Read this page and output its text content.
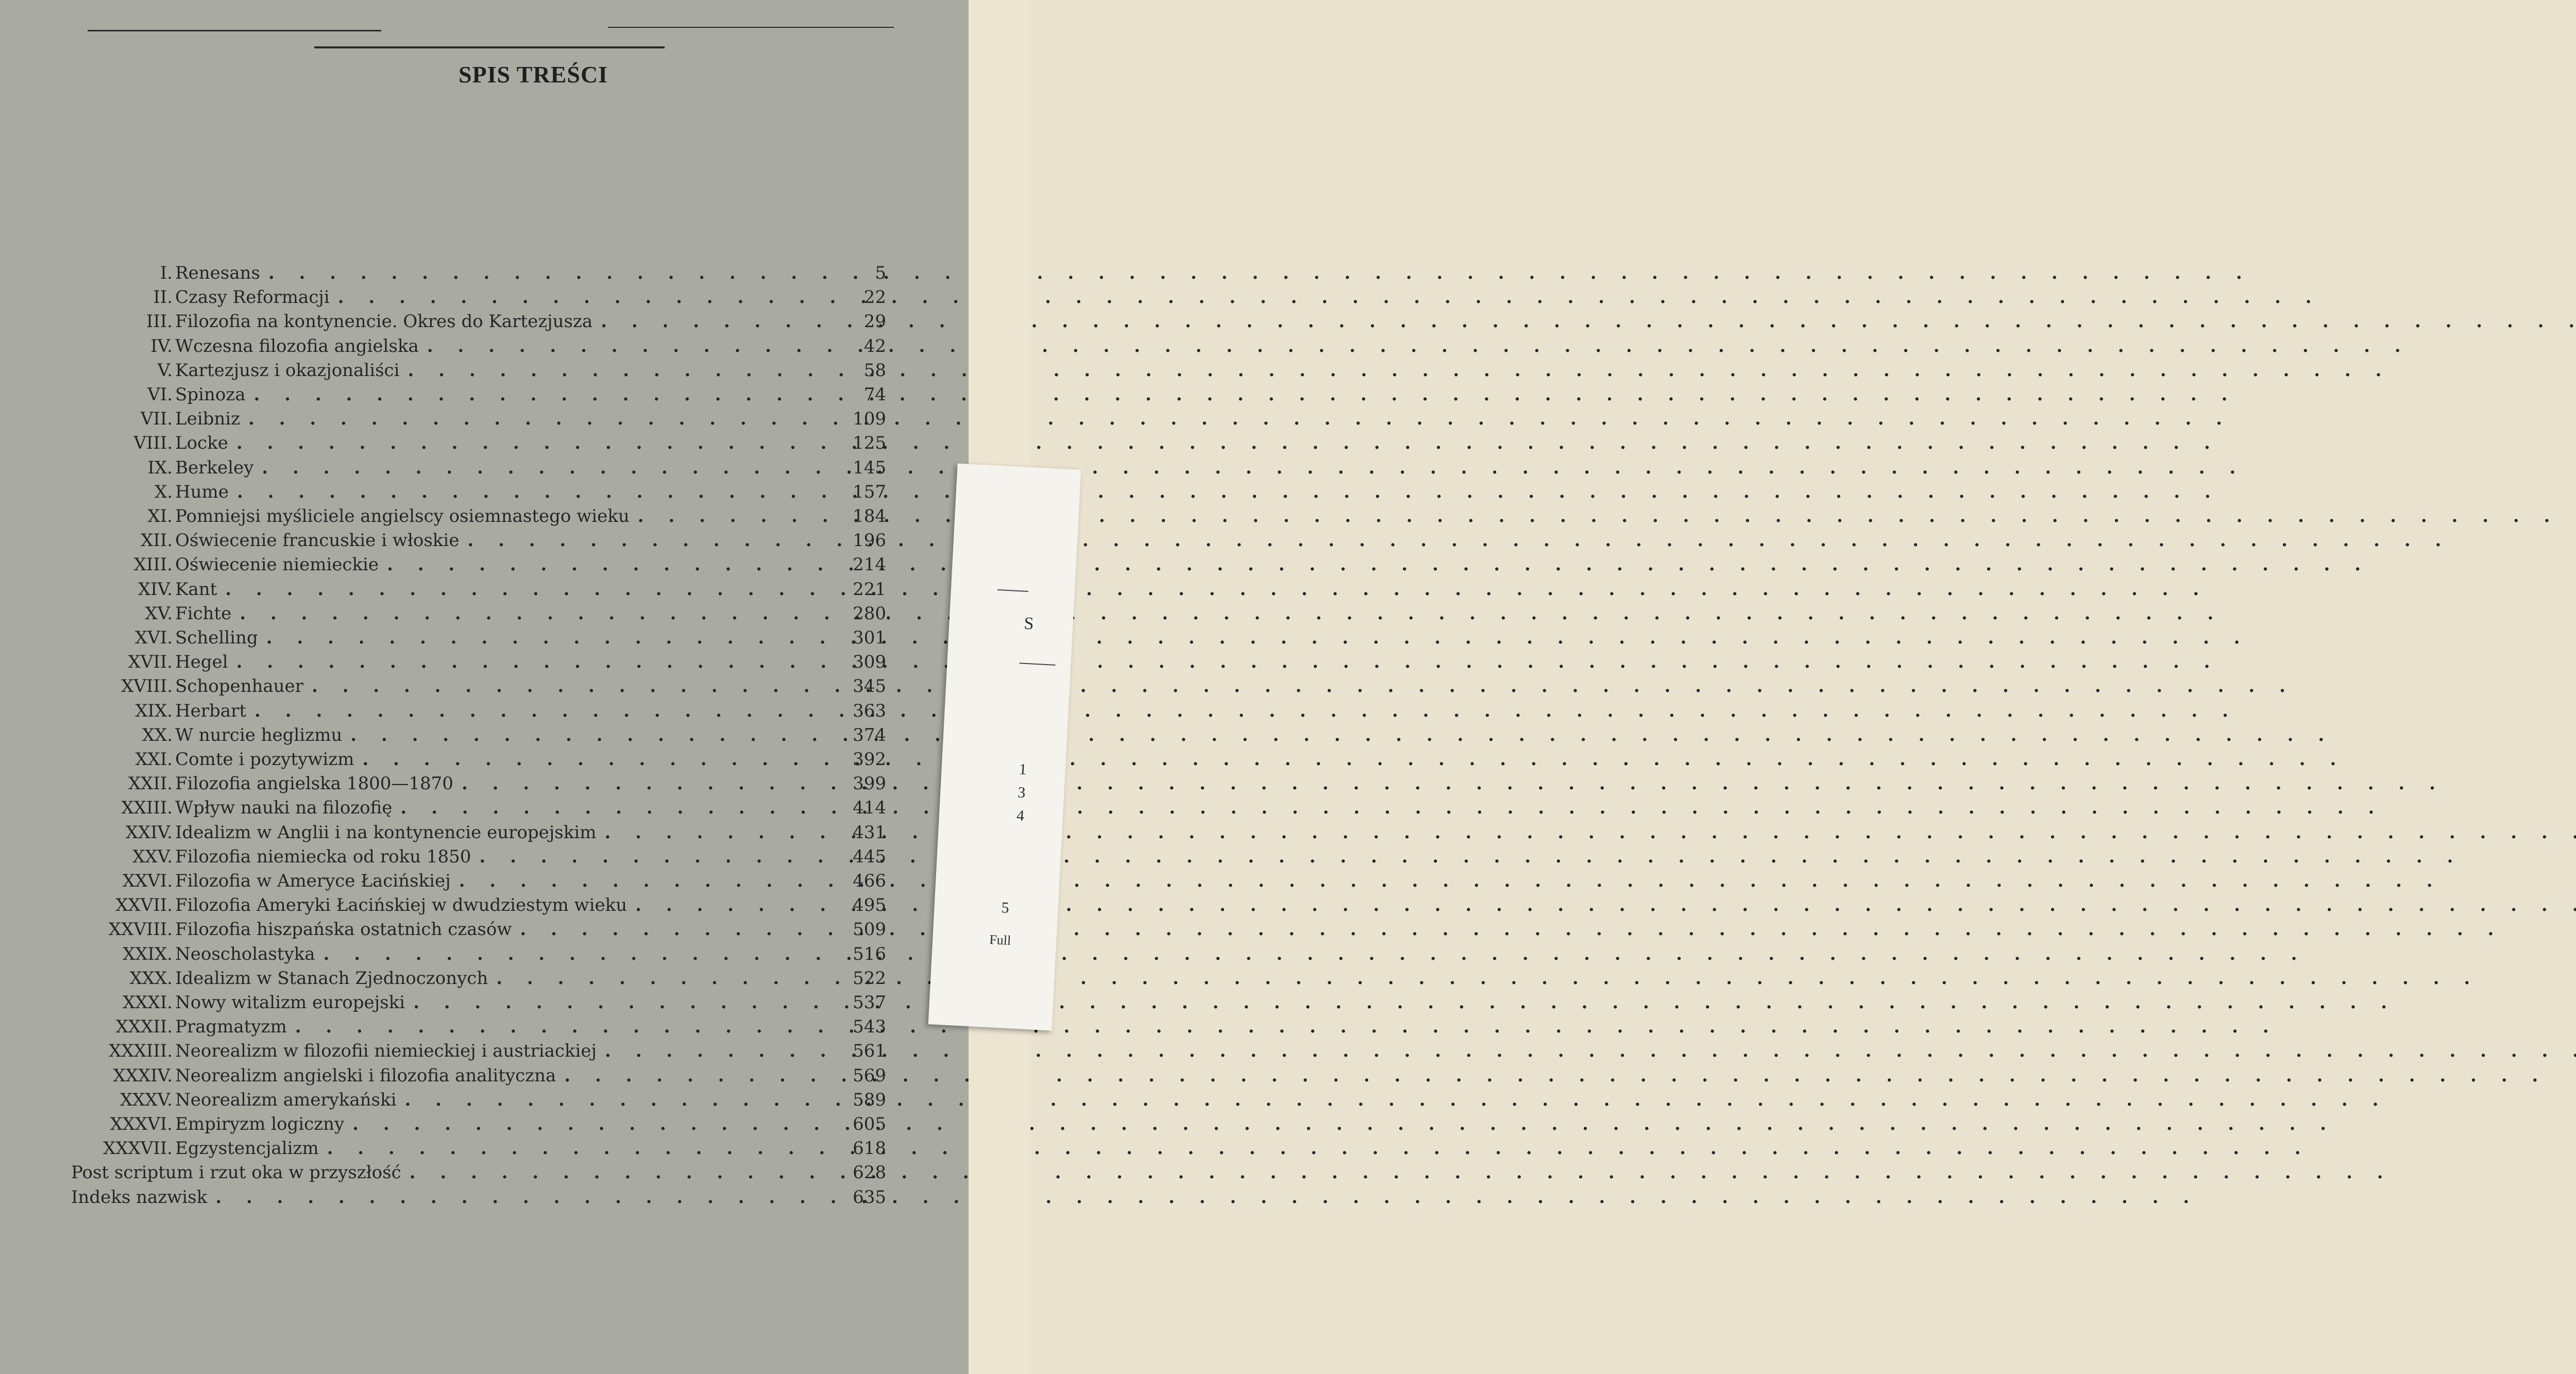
SPIS TREŚCI
I. Renesans . . .	5
II. Czasy Reformacji . . .	22
III. Filozofia na kontynencie. Okres do Kartezjusza . . .	29
IV. Wczesna filozofia angielska . . .	42
V. Kartezjusz i okazjonaliści . . .	58
VI. Spinoza . . .	74
VII. Leibniz . . .	109
VIII. Locke . . .	125
IX. Berkeley . . .	145
X. Hume . . .	157
XI. Pomniejsi myśliciele angielscy osiemnastego wieku . . .	184
XII. Oświecenie francuskie i włoskie . . .	196
XIII. Oświecenie niemieckie . . .	214
XIV. Kant . . .	221
XV. Fichte . . .	280
XVI. Schelling . . .	301
XVII. Hegel . . .	309
XVIII. Schopenhauer . . .	345
XIX. Herbart . . .	363
XX. W nurcie heglizmu . . .	374
XXI. Comte i pozytywizm . . .	392
XXII. Filozofia angielska 1800—1870 . . .	399
XXIII. Wpływ nauki na filozofię . . .	414
XXIV. Idealizm w Anglii i na kontynencie europejskim . . .	431
XXV. Filozofia niemiecka od roku 1850 . . .	445
XXVI. Filozofia w Ameryce Łacińskiej . . .	466
XXVII. Filozofia Ameryki Łacińskiej w dwudziestym wieku . . .	495
XXVIII. Filozofia hiszpańska ostatnich czasów . . .	509
XXIX. Neoscholastyka . . .	516
XXX. Idealizm w Stanach Zjednoczonych . . .	522
XXXI. Nowy witalizm europejski . . .	537
XXXII. Pragmatyzm . . .	543
XXXIII. Neorealizm w filozofii niemieckiej i austriackiej . . .	561
XXXIV. Neorealizm angielski i filozofia analityczna . . .	569
XXXV. Neorealizm amerykański . . .	589
XXXVI. Empiryzm logiczny . . .	605
XXXVII. Egzystencjalizm . . .	618
Post scriptum i rzut oka w przyszłość . . .	628
Indeks nazwisk . . .	635
S
1
3
4
5
Full
